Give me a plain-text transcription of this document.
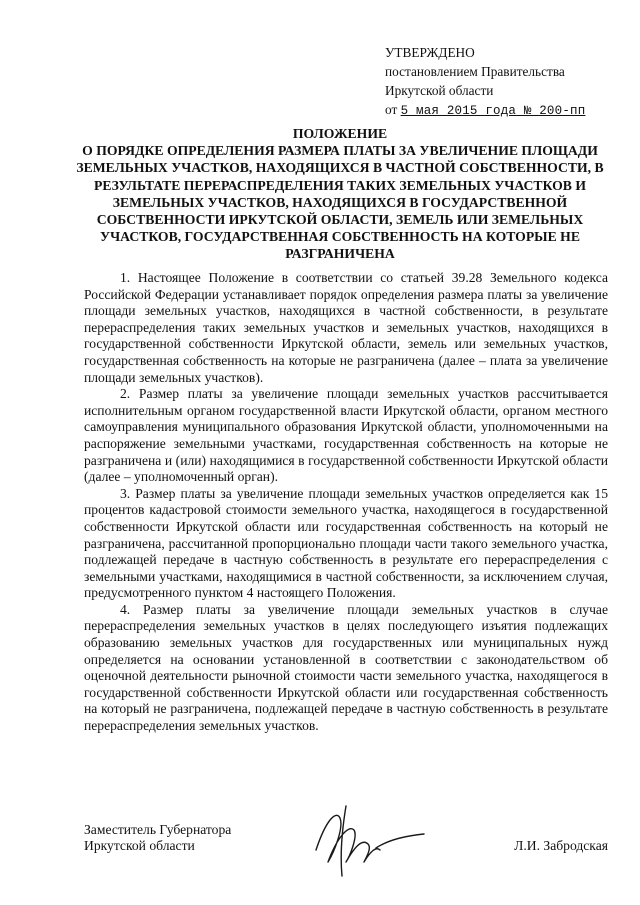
УТВЕРЖДЕНО
постановлением Правительства
Иркутской области
от 5 мая 2015 года № 200-пп
ПОЛОЖЕНИЕ
О ПОРЯДКЕ ОПРЕДЕЛЕНИЯ РАЗМЕРА ПЛАТЫ ЗА УВЕЛИЧЕНИЕ ПЛОЩАДИ ЗЕМЕЛЬНЫХ УЧАСТКОВ, НАХОДЯЩИХСЯ В ЧАСТНОЙ СОБСТВЕННОСТИ, В РЕЗУЛЬТАТЕ ПЕРЕРАСПРЕДЕЛЕНИЯ ТАКИХ ЗЕМЕЛЬНЫХ УЧАСТКОВ И ЗЕМЕЛЬНЫХ УЧАСТКОВ, НАХОДЯЩИХСЯ В ГОСУДАРСТВЕННОЙ СОБСТВЕННОСТИ ИРКУТСКОЙ ОБЛАСТИ, ЗЕМЕЛЬ ИЛИ ЗЕМЕЛЬНЫХ УЧАСТКОВ, ГОСУДАРСТВЕННАЯ СОБСТВЕННОСТЬ НА КОТОРЫЕ НЕ РАЗГРАНИЧЕНА

1. Настоящее Положение в соответствии со статьей 39.28 Земельного кодекса Российской Федерации устанавливает порядок определения размера платы за увеличение площади земельных участков, находящихся в частной собственности, в результате перераспределения таких земельных участков и земельных участков, находящихся в государственной собственности Иркутской области, земель или земельных участков, государственная собственность на которые не разграничена (далее – плата за увеличение площади земельных участков).

2. Размер платы за увеличение площади земельных участков рассчитывается исполнительным органом государственной власти Иркутской области, органом местного самоуправления муниципального образования Иркутской области, уполномоченными на распоряжение земельными участками, государственная собственность на которые не разграничена и (или) находящимися в государственной собственности Иркутской области (далее – уполномоченный орган).

3. Размер платы за увеличение площади земельных участков определяется как 15 процентов кадастровой стоимости земельного участка, находящегося в государственной собственности Иркутской области или государственная собственность на который не разграничена, рассчитанной пропорционально площади части такого земельного участка, подлежащей передаче в частную собственность в результате его перераспределения с земельными участками, находящимися в частной собственности, за исключением случая, предусмотренного пунктом 4 настоящего Положения.

4. Размер платы за увеличение площади земельных участков в случае перераспределения земельных участков в целях последующего изъятия подлежащих образованию земельных участков для государственных или муниципальных нужд определяется на основании установленной в соответствии с законодательством об оценочной деятельности рыночной стоимости части земельного участка, находящегося в государственной собственности Иркутской области или государственная собственность на который не разграничена, подлежащей передаче в частную собственность в результате перераспределения земельных участков.

Заместитель Губернатора
Иркутской области	Л.И. Забродская
